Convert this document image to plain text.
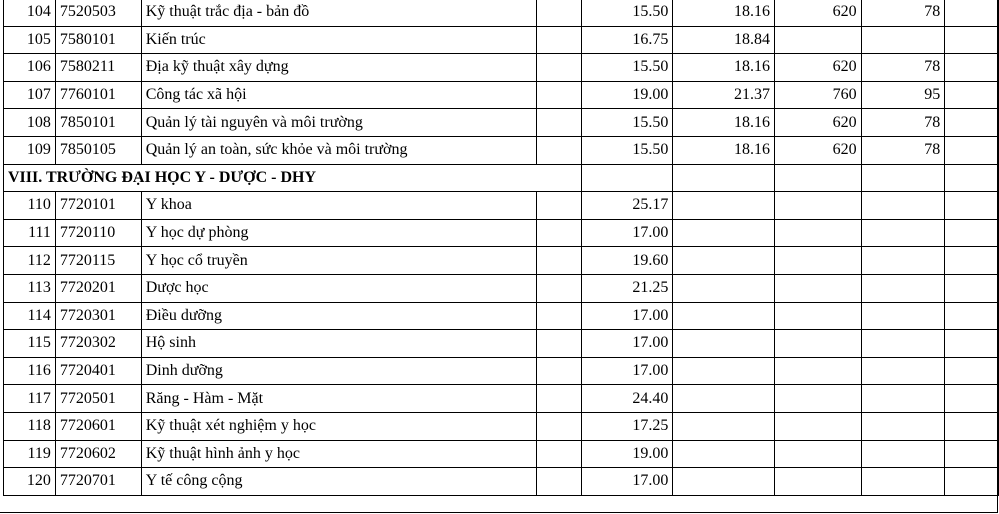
104	7520503	Kỹ thuật trắc địa - bản đồ		15.50	18.16	620	78	
105	7580101	Kiến trúc		16.75	18.84			
106	7580211	Địa kỹ thuật xây dựng		15.50	18.16	620	78	
107	7760101	Công tác xã hội		19.00	21.37	760	95	
108	7850101	Quản lý tài nguyên và môi trường		15.50	18.16	620	78	
109	7850105	Quản lý an toàn, sức khỏe và môi trường		15.50	18.16	620	78	
VIII. TRƯỜNG ĐẠI HỌC Y - DƯỢC - DHY								
110	7720101	Y khoa		25.17				
111	7720110	Y học dự phòng		17.00				
112	7720115	Y học cổ truyền		19.60				
113	7720201	Dược học		21.25				
114	7720301	Điều dưỡng		17.00				
115	7720302	Hộ sinh		17.00				
116	7720401	Dinh dưỡng		17.00				
117	7720501	Răng - Hàm - Mặt		24.40				
118	7720601	Kỹ thuật xét nghiệm y học		17.25				
119	7720602	Kỹ thuật hình ảnh y học		19.00				
120	7720701	Y tế công cộng		17.00				
